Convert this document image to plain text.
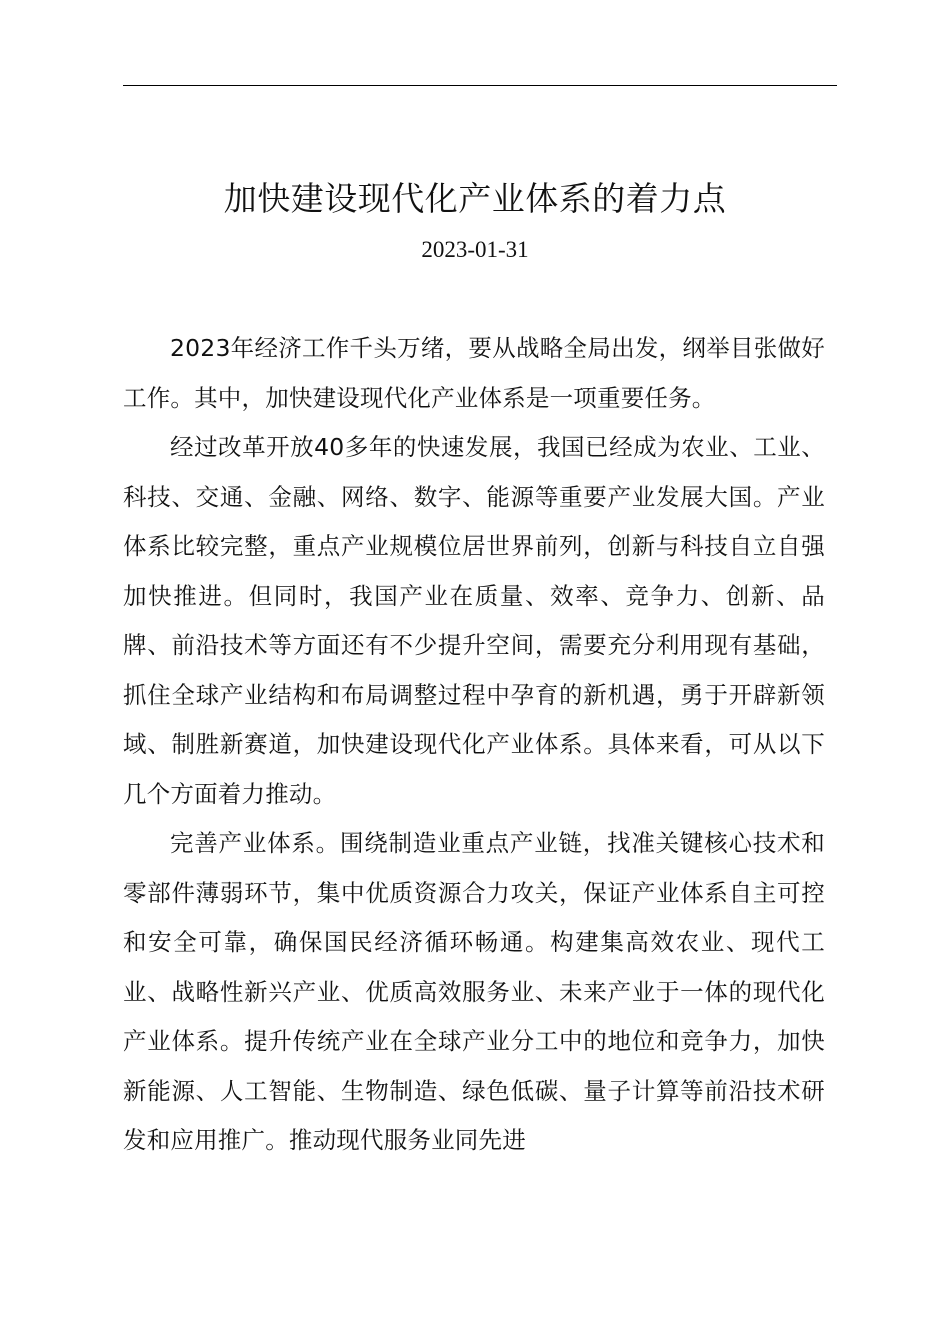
加快建设现代化产业体系的着力点
2023-01-31

2023年经济工作千头万绪，要从战略全局出发，纲举目张做好工作。其中，加快建设现代化产业体系是一项重要任务。

经过改革开放40多年的快速发展，我国已经成为农业、工业、科技、交通、金融、网络、数字、能源等重要产业发展大国。产业体系比较完整，重点产业规模位居世界前列，创新与科技自立自强加快推进。但同时，我国产业在质量、效率、竞争力、创新、品牌、前沿技术等方面还有不少提升空间，需要充分利用现有基础，抓住全球产业结构和布局调整过程中孕育的新机遇，勇于开辟新领域、制胜新赛道，加快建设现代化产业体系。具体来看，可从以下几个方面着力推动。

完善产业体系。围绕制造业重点产业链，找准关键核心技术和零部件薄弱环节，集中优质资源合力攻关，保证产业体系自主可控和安全可靠，确保国民经济循环畅通。构建集高效农业、现代工业、战略性新兴产业、优质高效服务业、未来产业于一体的现代化产业体系。提升传统产业在全球产业分工中的地位和竞争力，加快新能源、人工智能、生物制造、绿色低碳、量子计算等前沿技术研发和应用推广。推动现代服务业同先进
